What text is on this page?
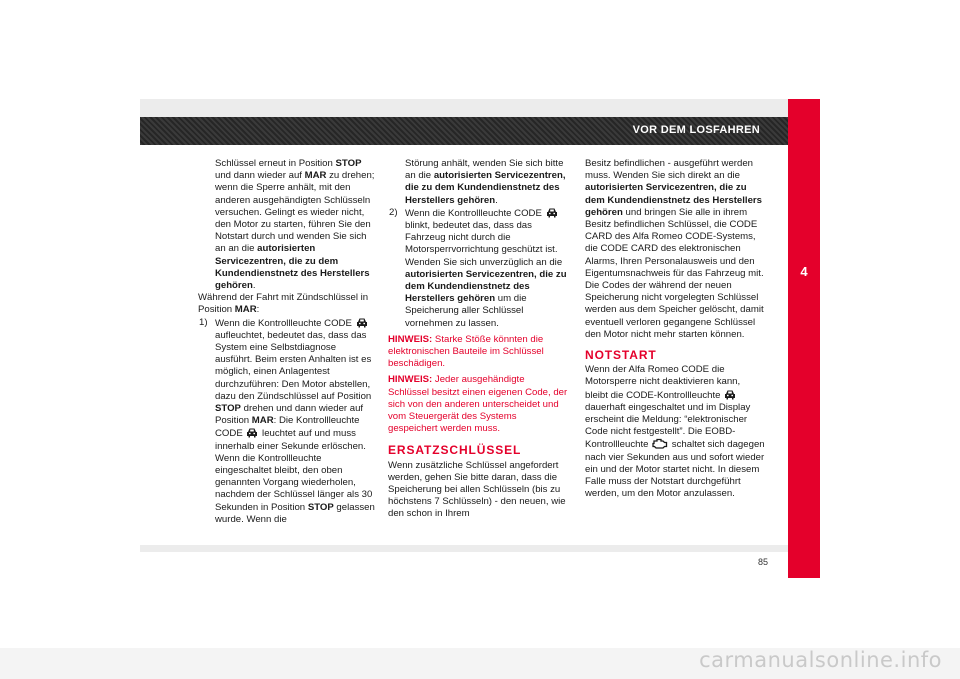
VOR DEM LOSFAHREN
4
Schlüssel erneut in Position STOP und dann wieder auf MAR zu drehen; wenn die Sperre anhält, mit den anderen ausgehändigten Schlüsseln versuchen. Gelingt es wieder nicht, den Motor zu starten, führen Sie den Notstart durch und wenden Sie sich an an die autorisierten Servicezentren, die zu dem Kundendienstnetz des Herstellers gehören.
Während der Fahrt mit Zündschlüssel in Position MAR:
1) Wenn die Kontrollleuchte CODE  aufleuchtet, bedeutet das, dass das System eine Selbstdiagnose ausführt. Beim ersten Anhalten ist es möglich, einen Anlagentest durchzuführen: Den Motor abstellen, dazu den Zündschlüssel auf Position STOP drehen und dann wieder auf Position MAR: Die Kontrollleuchte CODE  leuchtet auf und muss innerhalb einer Sekunde erlöschen. Wenn die Kontrollleuchte eingeschaltet bleibt, den oben genannten Vorgang wiederholen, nachdem der Schlüssel länger als 30 Sekunden in Position STOP gelassen wurde. Wenn die
Störung anhält, wenden Sie sich bitte an die autorisierten Servicezentren, die zu dem Kundendienstnetz des Herstellers gehören.
2) Wenn die Kontrollleuchte CODE  blinkt, bedeutet das, dass das Fahrzeug nicht durch die Motorsperrvorrichtung geschützt ist. Wenden Sie sich unverzüglich an die autorisierten Servicezentren, die zu dem Kundendienstnetz des Herstellers gehören um die Speicherung aller Schlüssel vornehmen zu lassen.
HINWEIS: Starke Stöße könnten die elektronischen Bauteile im Schlüssel beschädigen.
HINWEIS: Jeder ausgehändigte Schlüssel besitzt einen eigenen Code, der sich von den anderen unterscheidet und vom Steuergerät des Systems gespeichert werden muss.
ERSATZSCHLÜSSEL
Wenn zusätzliche Schlüssel angefordert werden, gehen Sie bitte daran, dass die Speicherung bei allen Schlüsseln (bis zu höchstens 7 Schlüsseln) - den neuen, wie den schon in Ihrem
Besitz befindlichen - ausgeführt werden muss. Wenden Sie sich direkt an die autorisierten Servicezentren, die zu dem Kundendienstnetz des Herstellers gehören und bringen Sie alle in ihrem Besitz befindlichen Schlüssel, die CODE CARD des Alfa Romeo CODE-Systems, die CODE CARD des elektronischen Alarms, Ihren Personalausweis und den Eigentumsnachweis für das Fahrzeug mit. Die Codes der während der neuen Speicherung nicht vorgelegten Schlüssel werden aus dem Speicher gelöscht, damit eventuell verloren gegangene Schlüssel den Motor nicht mehr starten können.
NOTSTART
Wenn der Alfa Romeo CODE die Motorsperre nicht deaktivieren kann, bleibt die CODE-Kontrollleuchte  dauerhaft eingeschaltet und im Display erscheint die Meldung: “elektronischer Code nicht festgestellt”. Die EOBD-Kontrollleuchte  schaltet sich dagegen nach vier Sekunden aus und sofort wieder ein und der Motor startet nicht. In diesem Falle muss der Notstart durchgeführt werden, um den Motor anzulassen.
85
carmanualsonline.info
